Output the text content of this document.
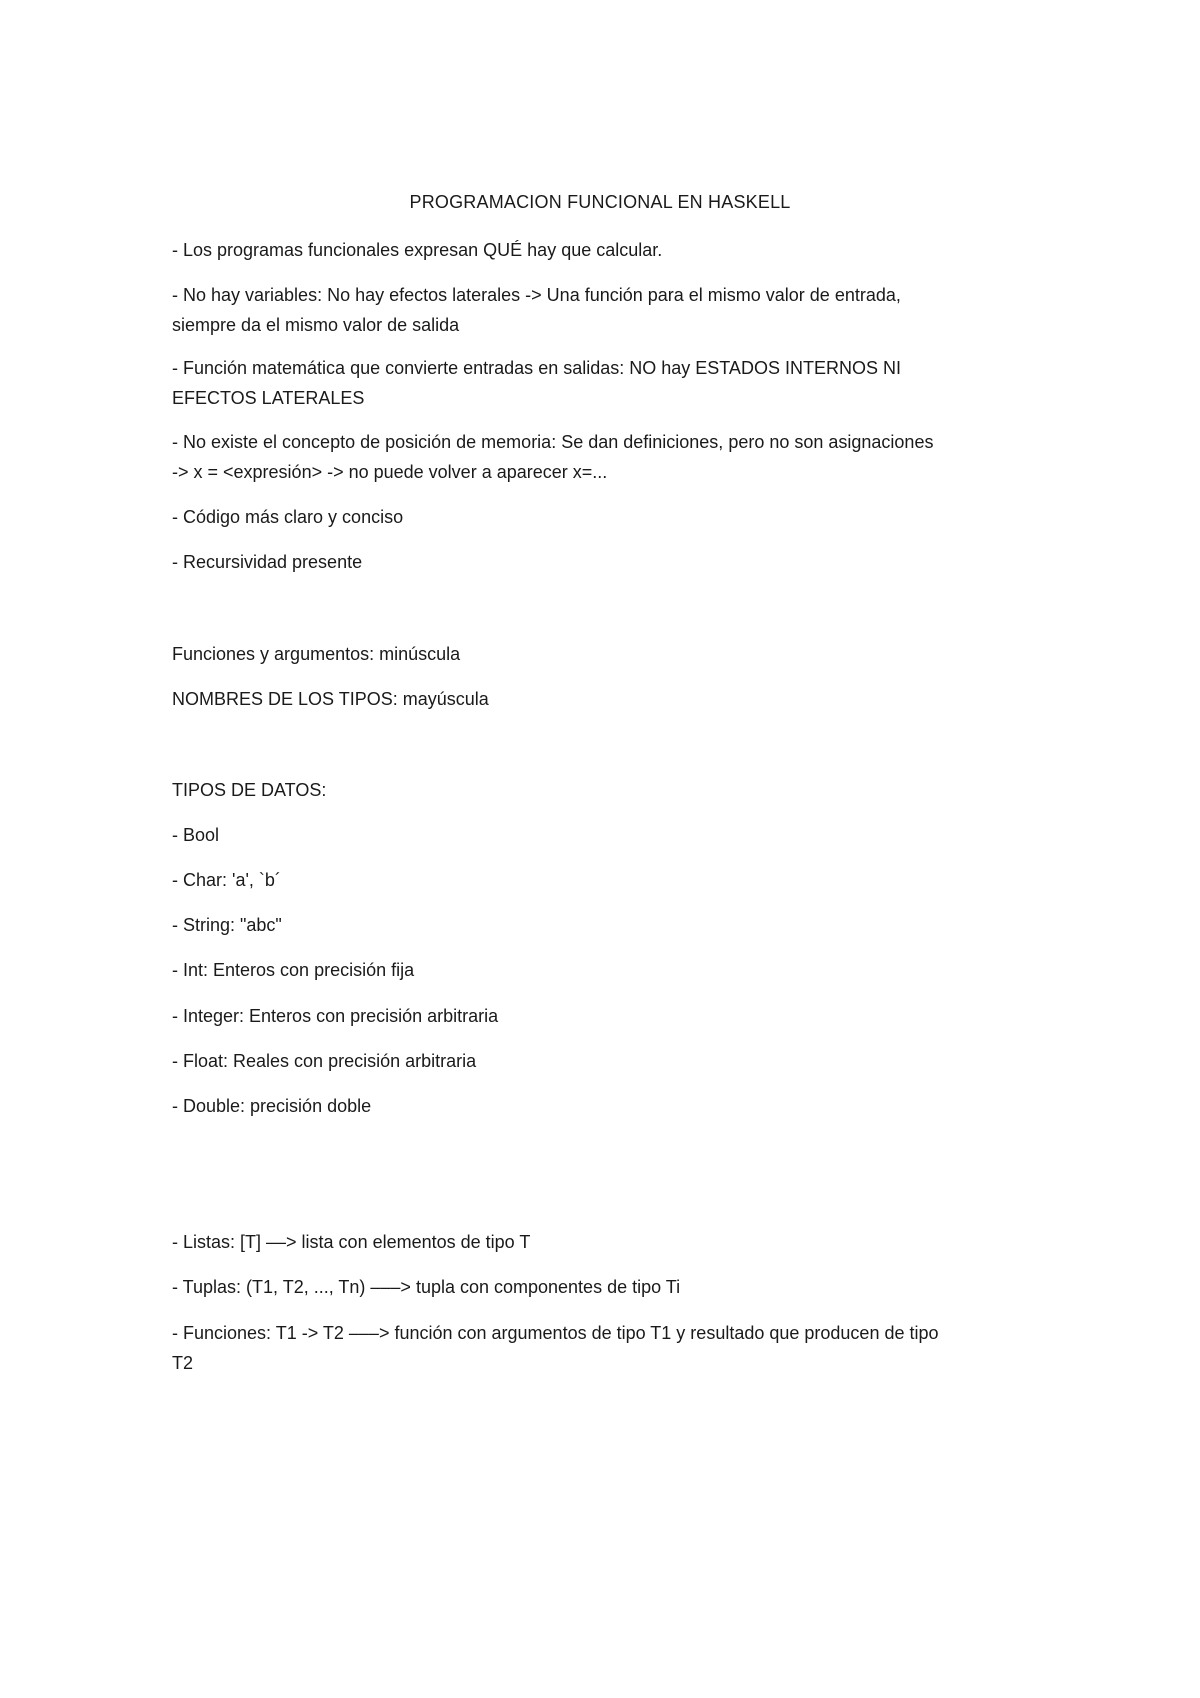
PROGRAMACION FUNCIONAL EN HASKELL
- Los programas funcionales expresan QUÉ hay que calcular.
- No hay variables: No hay efectos laterales -> Una función para el mismo valor de entrada,
siempre da el mismo valor de salida
- Función matemática que convierte entradas en salidas: NO hay ESTADOS INTERNOS NI
EFECTOS LATERALES
- No existe el concepto de posición de memoria: Se dan definiciones, pero no son asignaciones
-> x = <expresión> -> no puede volver a aparecer x=...
- Código más claro y conciso
- Recursividad presente
Funciones y argumentos: minúscula
NOMBRES DE LOS TIPOS: mayúscula
TIPOS DE DATOS:
- Bool
- Char: 'a', `b´
- String: "abc"
- Int: Enteros con precisión fija
- Integer: Enteros con precisión arbitraria
- Float: Reales con precisión arbitraria
- Double: precisión doble
- Listas: [T] ––> lista con elementos de tipo T
- Tuplas: (T1, T2, ..., Tn) –––> tupla con componentes de tipo Ti
- Funciones: T1 -> T2 –––> función con argumentos de tipo T1 y resultado que producen de tipo
T2
